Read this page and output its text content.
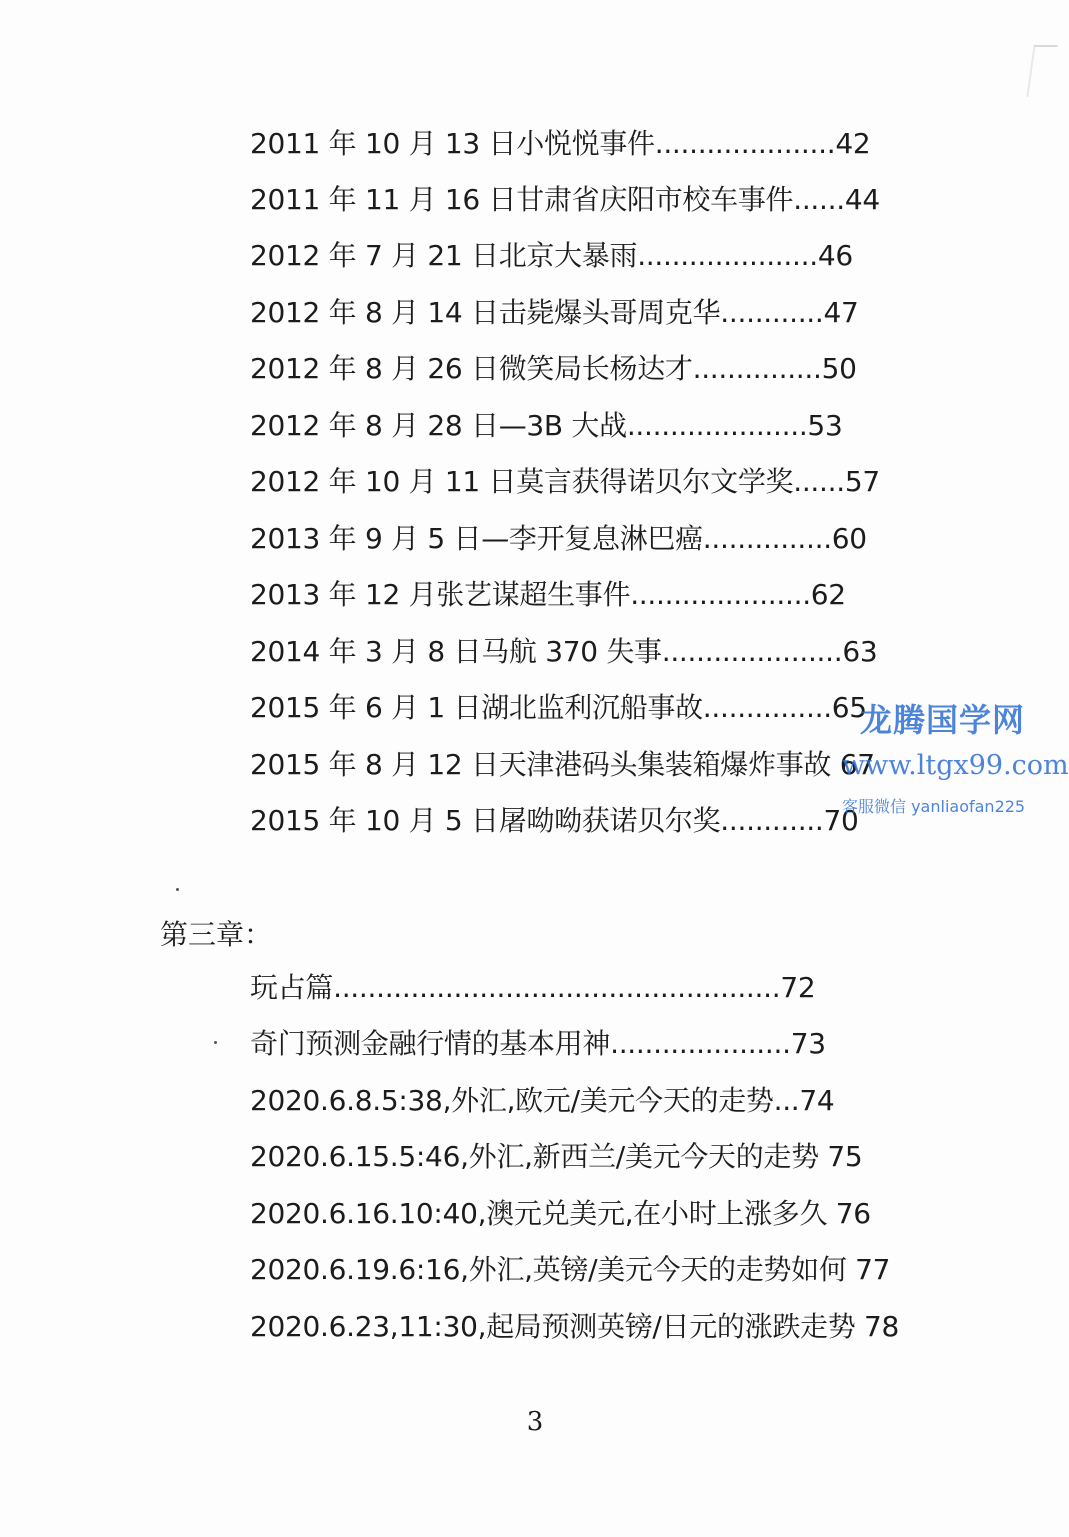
2011 年 10 月 13 日小悦悦事件.....................42
2011 年 11 月 16 日甘肃省庆阳市校车事件......44
2012 年 7 月 21 日北京大暴雨.....................46
2012 年 8 月 14 日击毙爆头哥周克华............47
2012 年 8 月 26 日微笑局长杨达才...............50
2012 年 8 月 28 日—3B 大战.....................53
2012 年 10 月 11 日莫言获得诺贝尔文学奖......57
2013 年 9 月 5 日—李开复息淋巴癌...............60
2013 年 12 月张艺谋超生事件.....................62
2014 年 3 月 8 日马航 370 失事.....................63
2015 年 6 月 1 日湖北监利沉船事故...............65
2015 年 8 月 12 日天津港码头集装箱爆炸事故 67
2015 年 10 月 5 日屠呦呦获诺贝尔奖............70
第三章：
玩占篇....................................................72
奇门预测金融行情的基本用神.....................73
2020.6.8.5:38,外汇,欧元/美元今天的走势...74
2020.6.15.5:46,外汇,新西兰/美元今天的走势 75
2020.6.16.10:40,澳元兑美元,在小时上涨多久 76
2020.6.19.6:16,外汇,英镑/美元今天的走势如何 77
2020.6.23,11:30,起局预测英镑/日元的涨跌走势 78
3
龙腾国学网
www.ltgx99.com
客服微信 yanliaofan225
